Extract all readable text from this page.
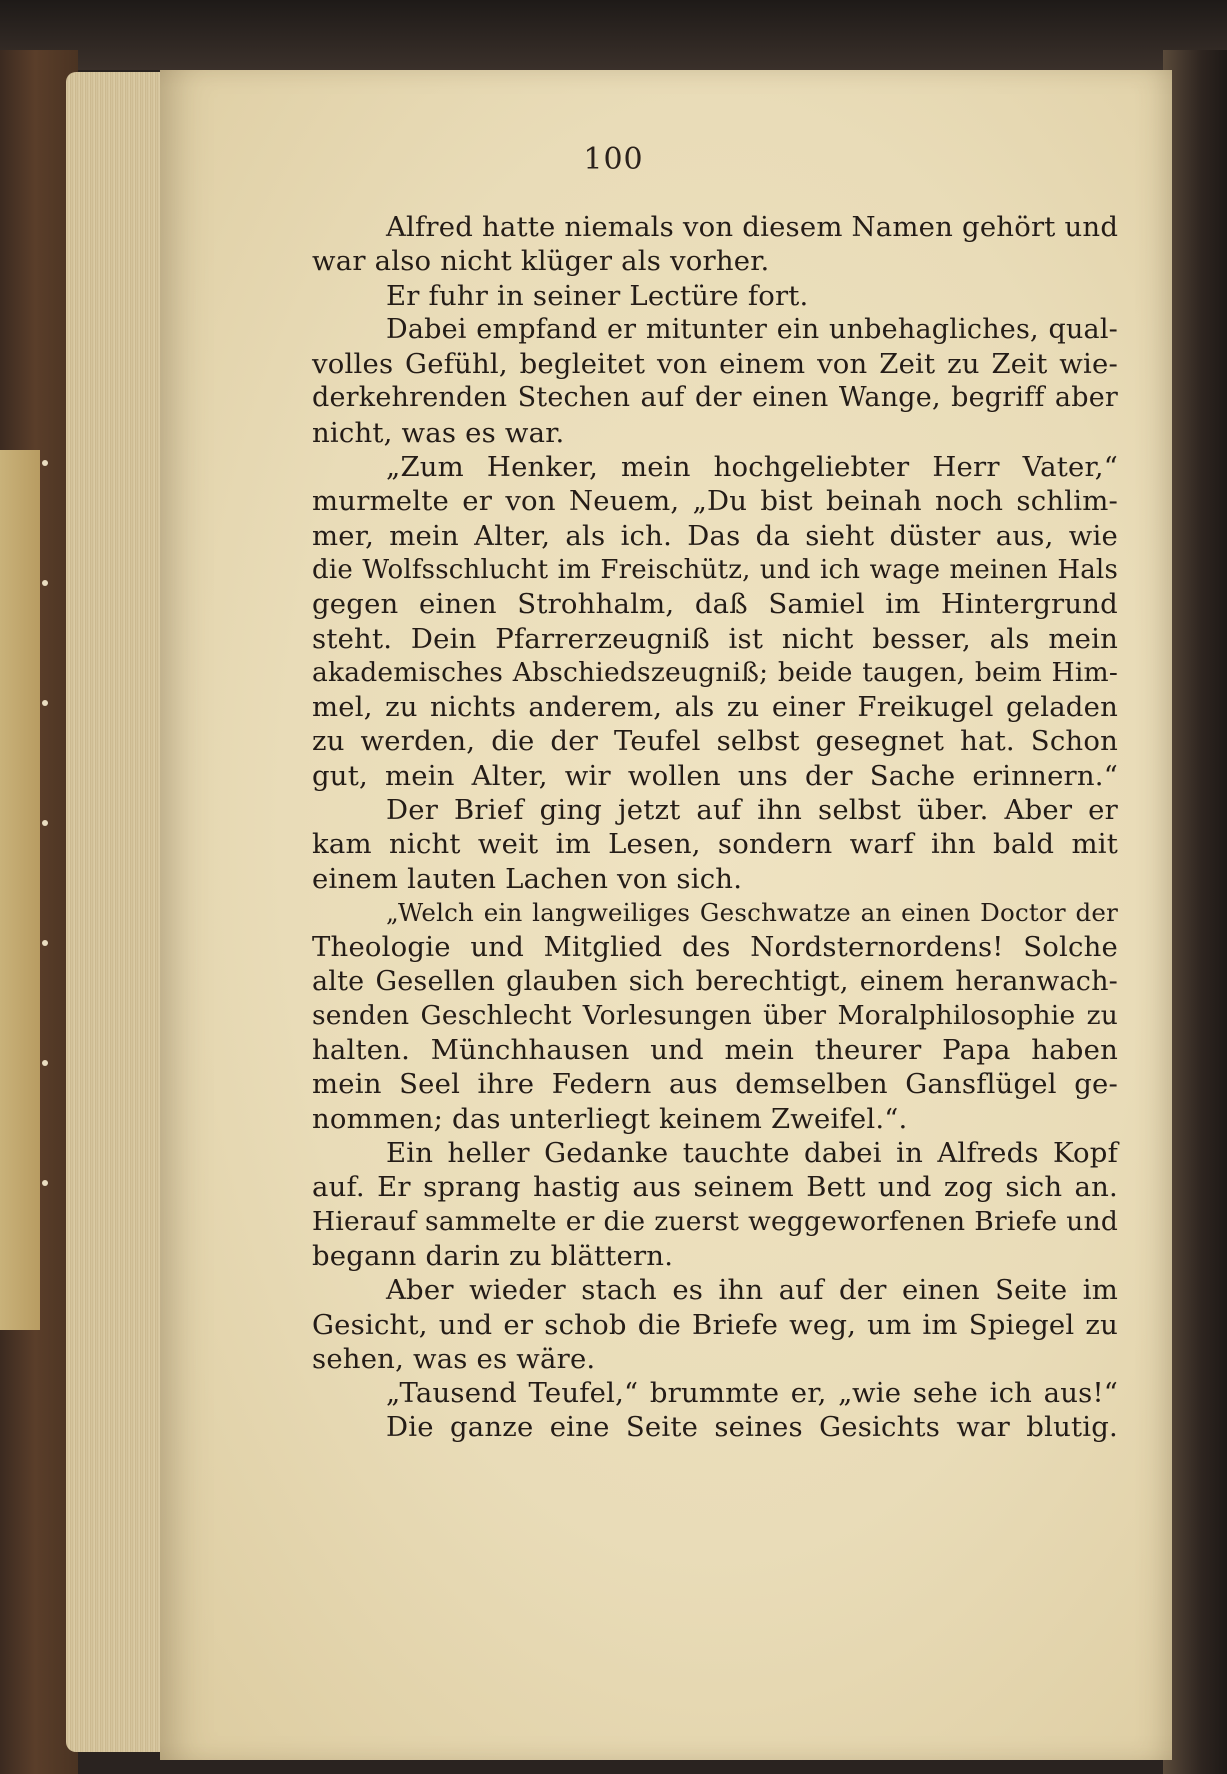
100
Alfred hatte niemals von diesem Namen gehört und
war also nicht klüger als vorher.
Er fuhr in seiner Lectüre fort.
Dabei empfand er mitunter ein unbehagliches, qual-
volles Gefühl, begleitet von einem von Zeit zu Zeit wie-
derkehrenden Stechen auf der einen Wange, begriff aber
nicht, was es war.
„Zum Henker, mein hochgeliebter Herr Vater,“
murmelte er von Neuem, „Du bist beinah noch schlim-
mer, mein Alter, als ich. Das da sieht düster aus, wie
die Wolfsschlucht im Freischütz, und ich wage meinen Hals
gegen einen Strohhalm, daß Samiel im Hintergrund
steht. Dein Pfarrerzeugniß ist nicht besser, als mein
akademisches Abschiedszeugniß; beide taugen, beim Him-
mel, zu nichts anderem, als zu einer Freikugel geladen
zu werden, die der Teufel selbst gesegnet hat. Schon
gut, mein Alter, wir wollen uns der Sache erinnern.“
Der Brief ging jetzt auf ihn selbst über. Aber er
kam nicht weit im Lesen, sondern warf ihn bald mit
einem lauten Lachen von sich.
„Welch ein langweiliges Geschwatze an einen Doctor der
Theologie und Mitglied des Nordsternordens! Solche
alte Gesellen glauben sich berechtigt, einem heranwach-
senden Geschlecht Vorlesungen über Moralphilosophie zu
halten. Münchhausen und mein theurer Papa haben
mein Seel ihre Federn aus demselben Gansflügel ge-
nommen; das unterliegt keinem Zweifel.“.
Ein heller Gedanke tauchte dabei in Alfreds Kopf
auf. Er sprang hastig aus seinem Bett und zog sich an.
Hierauf sammelte er die zuerst weggeworfenen Briefe und
begann darin zu blättern.
Aber wieder stach es ihn auf der einen Seite im
Gesicht, und er schob die Briefe weg, um im Spiegel zu
sehen, was es wäre.
„Tausend Teufel,“ brummte er, „wie sehe ich aus!“
Die ganze eine Seite seines Gesichts war blutig.
